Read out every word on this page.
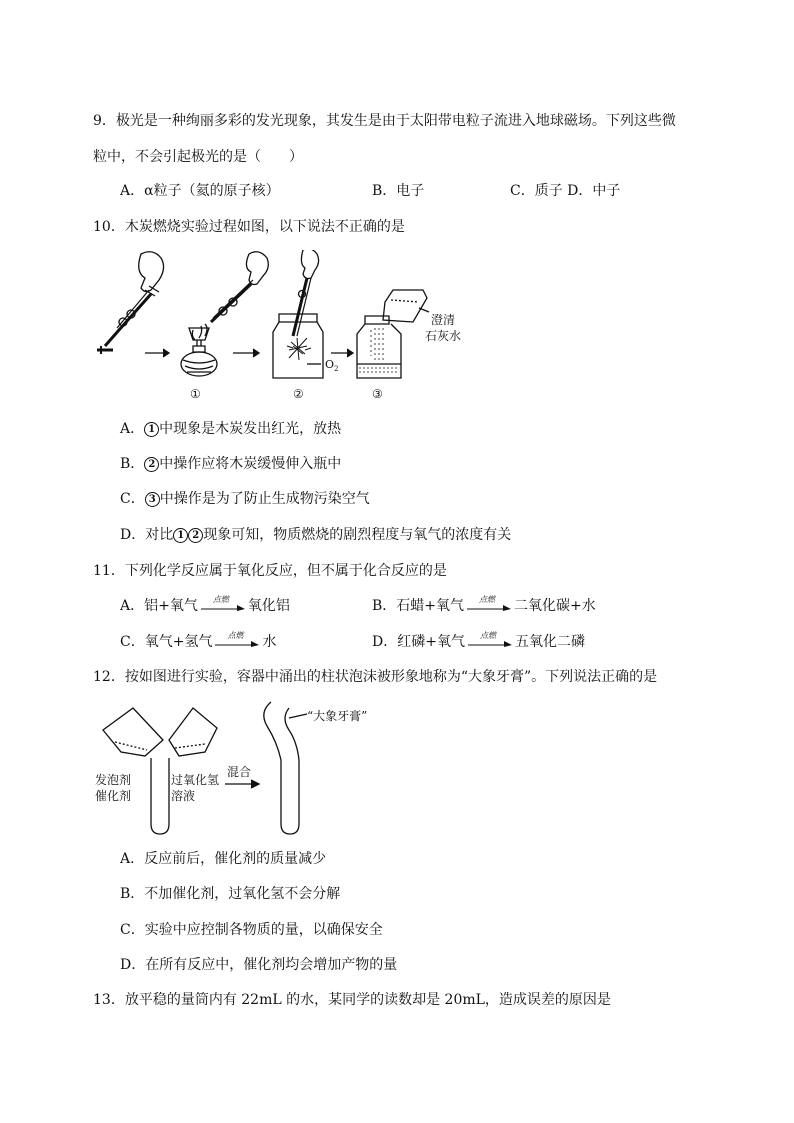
9．极光是一种绚丽多彩的发光现象，其发生是由于太阳带电粒子流进入地球磁场。下列这些微
粒中，不会引起极光的是（　　）
A．α粒子（氦的原子核）	B．电子	C．质子 D．中子
10．木炭燃烧实验过程如图，以下说法不正确的是
①	②	③
O 2
澄清
石灰水
A． 1 中现象是木炭发出红光，放热
B． 2 中操作应将木炭缓慢伸入瓶中
C． 3 中操作是为了防止生成物污染空气
D．对比 1 2 现象可知，物质燃烧的剧烈程度与氧气的浓度有关
11．下列化学反应属于氧化反应，但不属于化合反应的是
A．铝+氧气 点燃 氧化铝	B．石蜡+氧气 点燃 二氧化碳+水
C．氧气+氢气 点燃 水	D．红磷+氧气 点燃 五氧化二磷
12．按如图进行实验，容器中涌出的柱状泡沫被形象地称为“大象牙膏”。下列说法正确的是
发泡剂
催化剂
过氧化氢
溶液
混合
“大象牙膏”
A．反应前后，催化剂的质量减少
B．不加催化剂，过氧化氢不会分解
C．实验中应控制各物质的量，以确保安全
D．在所有反应中，催化剂均会增加产物的量
13．放平稳的量筒内有 22mL 的水，某同学的读数却是 20mL，造成误差的原因是
